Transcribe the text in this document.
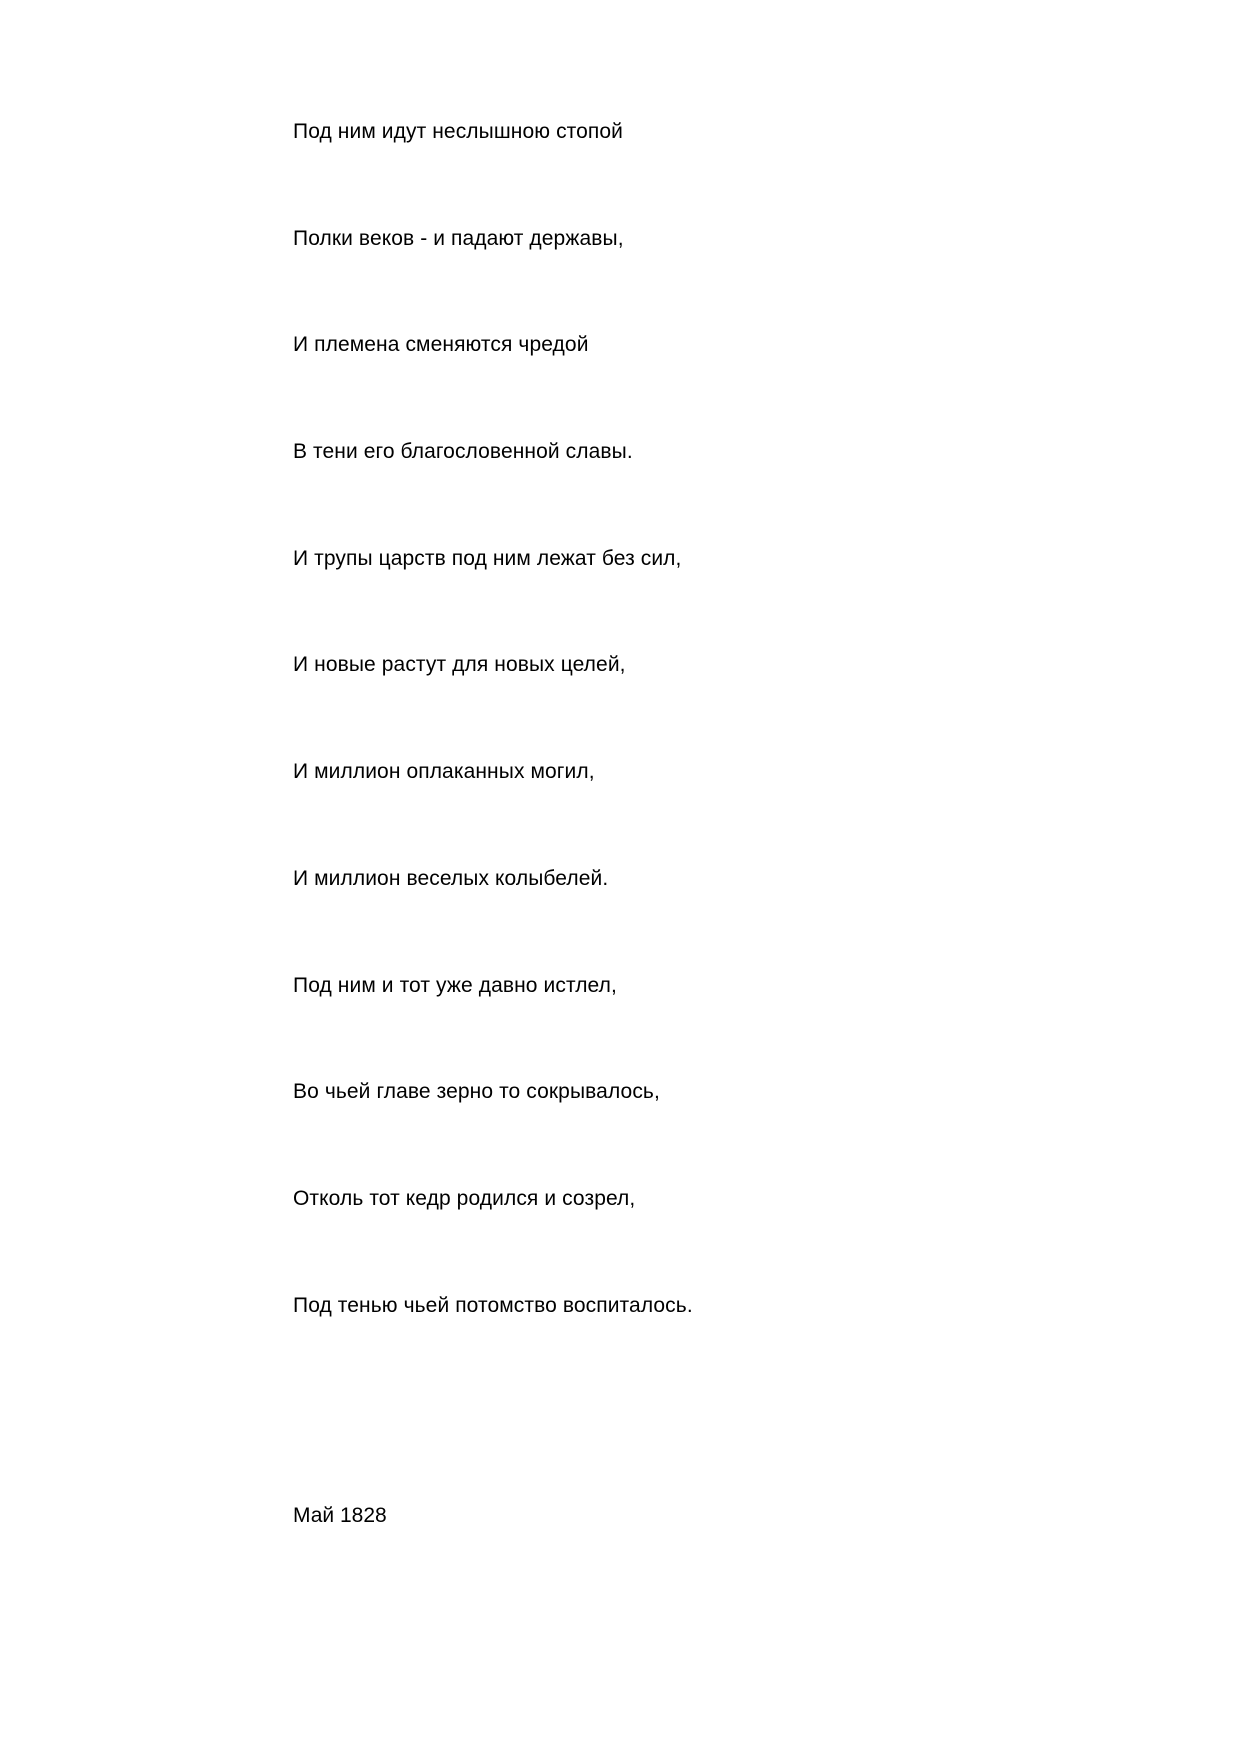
Под ним идут неслышною стопой
Полки веков - и падают державы,
И племена сменяются чредой
В тени его благословенной славы.
И трупы царств под ним лежат без сил,
И новые растут для новых целей,
И миллион оплаканных могил,
И миллион веселых колыбелей.
Под ним и тот уже давно истлел,
Во чьей главе зерно то сокрывалось,
Отколь тот кедр родился и созрел,
Под тенью чьей потомство воспиталось.
Май 1828
